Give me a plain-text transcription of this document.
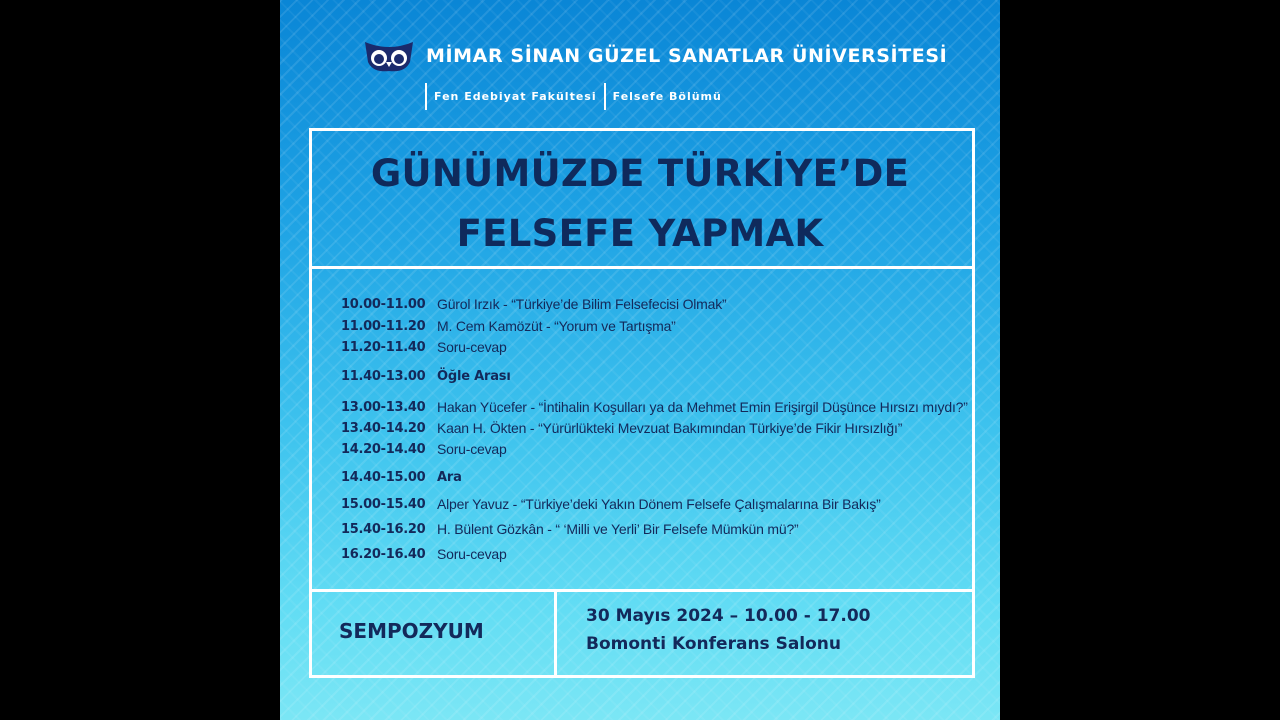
MİMAR SİNAN GÜZEL SANATLAR ÜNİVERSİTESİ
Fen Edebiyat Fakültesi	Felsefe Bölümü
GÜNÜMÜZDE TÜRKİYE’DE
FELSEFE YAPMAK
10.00-11.00 Gürol Irzık - “Türkiye’de Bilim Felsefecisi Olmak”
11.00-11.20 M. Cem Kamözüt - “Yorum ve Tartışma”
11.20-11.40 Soru-cevap
11.40-13.00 Öğle Arası
13.00-13.40 Hakan Yücefer - “İntihalin Koşulları ya da Mehmet Emin Erişirgil Düşünce Hırsızı mıydı?”
13.40-14.20 Kaan H. Ökten - “Yürürlükteki Mevzuat Bakımından Türkiye’de Fikir Hırsızlığı”
14.20-14.40 Soru-cevap
14.40-15.00 Ara
15.00-15.40 Alper Yavuz - “Türkiye’deki Yakın Dönem Felsefe Çalışmalarına Bir Bakış”
15.40-16.20 H. Bülent Gözkân - “ ‘Milli ve Yerli’ Bir Felsefe Mümkün mü?”
16.20-16.40 Soru-cevap
SEMPOZYUM
30 Mayıs 2024 – 10.00 - 17.00
Bomonti Konferans Salonu
